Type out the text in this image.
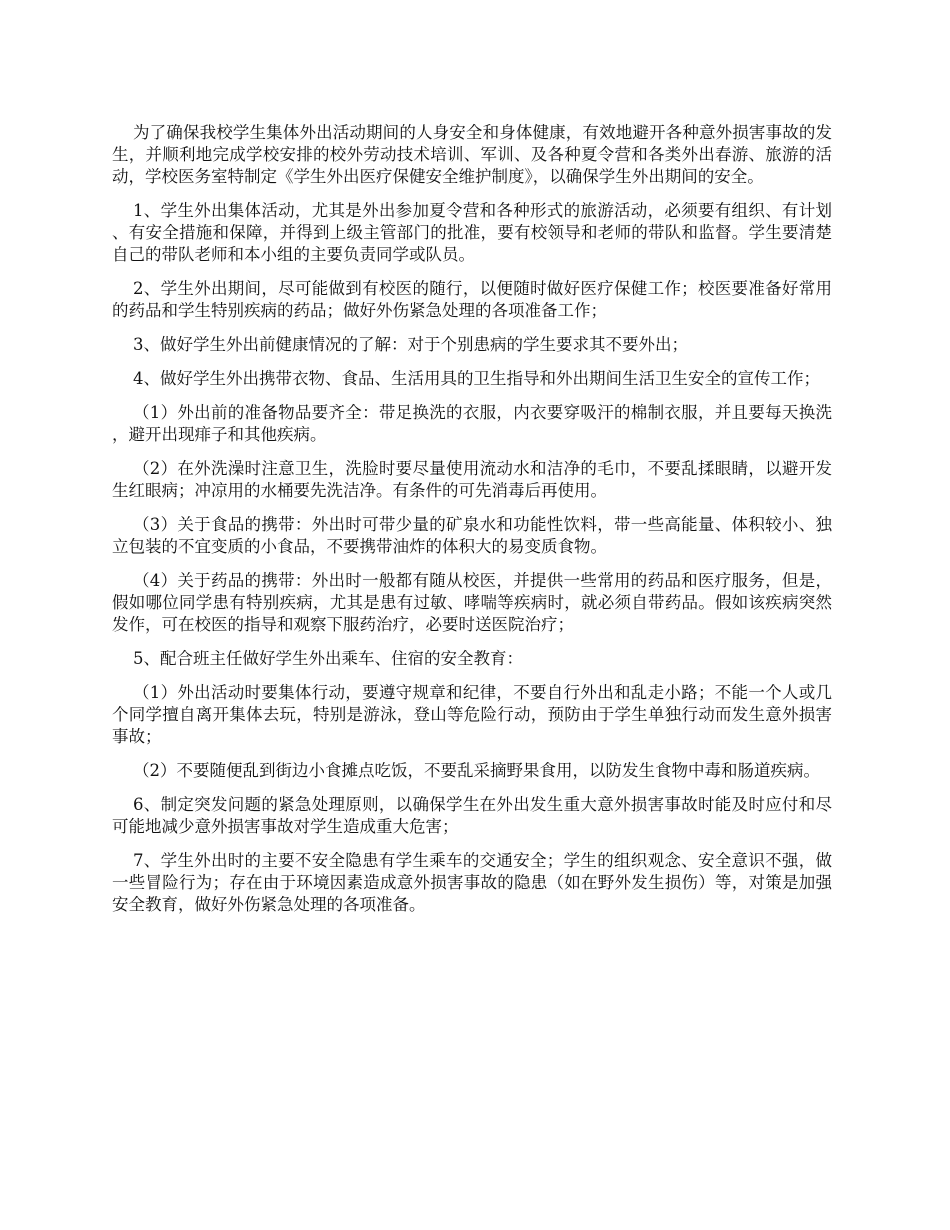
为了确保我校学生集体外出活动期间的人身安全和身体健康，有效地避开各种意外损害事故的发生，并顺利地完成学校安排的校外劳动技术培训、军训、及各种夏令营和各类外出春游、旅游的活动，学校医务室特制定《学生外出医疗保健安全维护制度》，以确保学生外出期间的安全。

1、学生外出集体活动，尤其是外出参加夏令营和各种形式的旅游活动，必须要有组织、有计划、有安全措施和保障，并得到上级主管部门的批准，要有校领导和老师的带队和监督。学生要清楚自己的带队老师和本小组的主要负责同学或队员。

2、学生外出期间，尽可能做到有校医的随行，以便随时做好医疗保健工作；校医要准备好常用的药品和学生特别疾病的药品；做好外伤紧急处理的各项准备工作；

3、做好学生外出前健康情况的了解：对于个别患病的学生要求其不要外出；

4、做好学生外出携带衣物、食品、生活用具的卫生指导和外出期间生活卫生安全的宣传工作；

（1）外出前的准备物品要齐全：带足换洗的衣服，内衣要穿吸汗的棉制衣服，并且要每天换洗，避开出现痱子和其他疾病。

（2）在外洗澡时注意卫生，洗脸时要尽量使用流动水和洁净的毛巾，不要乱揉眼睛，以避开发生红眼病；冲凉用的水桶要先洗洁净。有条件的可先消毒后再使用。

（3）关于食品的携带：外出时可带少量的矿泉水和功能性饮料，带一些高能量、体积较小、独立包装的不宜变质的小食品，不要携带油炸的体积大的易变质食物。

（4）关于药品的携带：外出时一般都有随从校医，并提供一些常用的药品和医疗服务，但是，假如哪位同学患有特别疾病，尤其是患有过敏、哮喘等疾病时，就必须自带药品。假如该疾病突然发作，可在校医的指导和观察下服药治疗，必要时送医院治疗；

5、配合班主任做好学生外出乘车、住宿的安全教育：

（1）外出活动时要集体行动，要遵守规章和纪律，不要自行外出和乱走小路；不能一个人或几个同学擅自离开集体去玩，特别是游泳，登山等危险行动，预防由于学生单独行动而发生意外损害事故；

（2）不要随便乱到街边小食摊点吃饭，不要乱采摘野果食用，以防发生食物中毒和肠道疾病。

6、制定突发问题的紧急处理原则，以确保学生在外出发生重大意外损害事故时能及时应付和尽可能地减少意外损害事故对学生造成重大危害；

7、学生外出时的主要不安全隐患有学生乘车的交通安全；学生的组织观念、安全意识不强，做一些冒险行为；存在由于环境因素造成意外损害事故的隐患（如在野外发生损伤）等，对策是加强安全教育，做好外伤紧急处理的各项准备。
